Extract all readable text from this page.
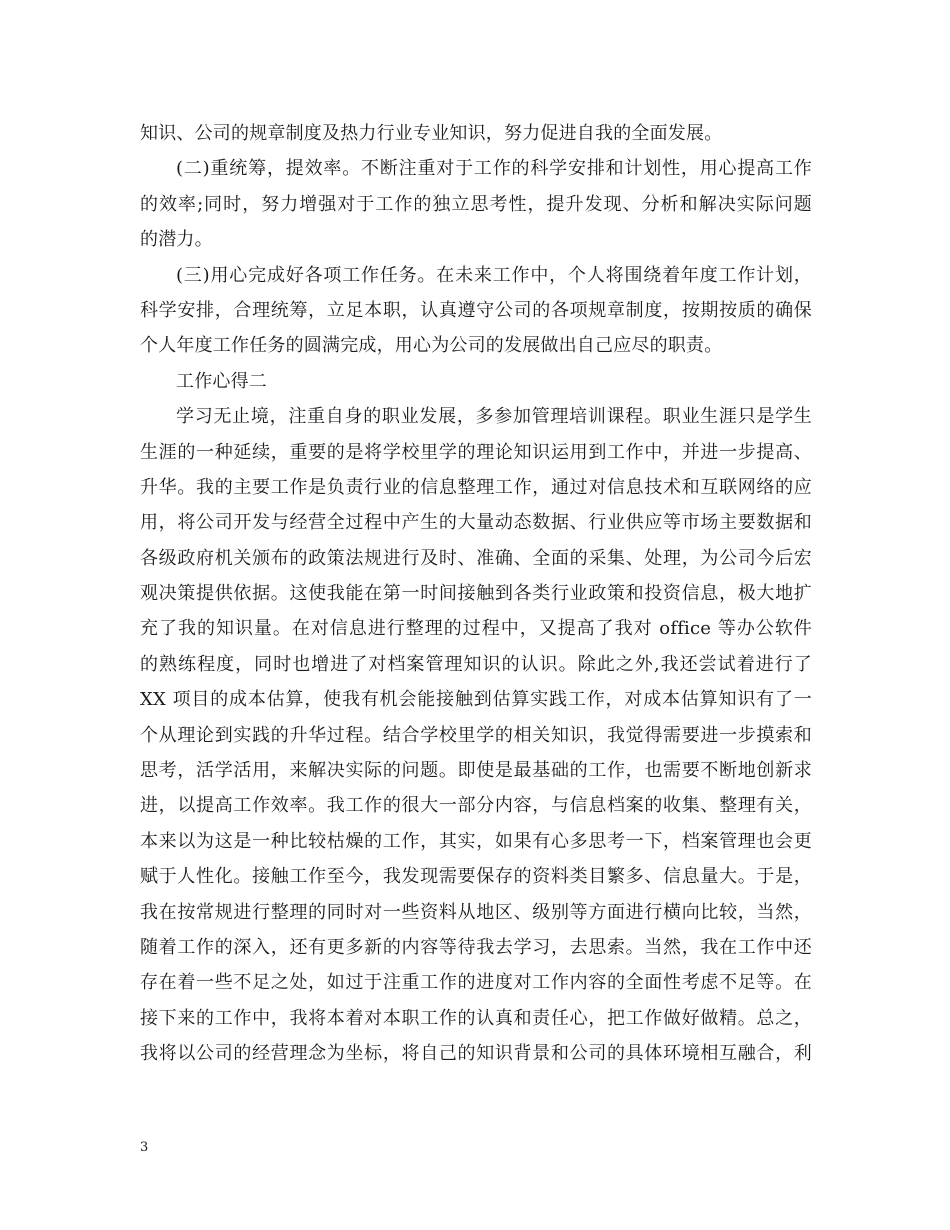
知识、公司的规章制度及热力行业专业知识，努力促进自我的全面发展。
(二)重统筹，提效率。不断注重对于工作的科学安排和计划性，用心提高工作
的效率;同时，努力增强对于工作的独立思考性，提升发现、分析和解决实际问题
的潜力。
(三)用心完成好各项工作任务。在未来工作中，个人将围绕着年度工作计划，
科学安排，合理统筹，立足本职，认真遵守公司的各项规章制度，按期按质的确保
个人年度工作任务的圆满完成，用心为公司的发展做出自己应尽的职责。
工作心得二
学习无止境，注重自身的职业发展，多参加管理培训课程。职业生涯只是学生
生涯的一种延续，重要的是将学校里学的理论知识运用到工作中，并进一步提高、
升华。我的主要工作是负责行业的信息整理工作，通过对信息技术和互联网络的应
用，将公司开发与经营全过程中产生的大量动态数据、行业供应等市场主要数据和
各级政府机关颁布的政策法规进行及时、准确、全面的采集、处理，为公司今后宏
观决策提供依据。这使我能在第一时间接触到各类行业政策和投资信息，极大地扩
充了我的知识量。在对信息进行整理的过程中，又提高了我对 office 等办公软件
的熟练程度，同时也增进了对档案管理知识的认识。除此之外,我还尝试着进行了
XX 项目的成本估算，使我有机会能接触到估算实践工作，对成本估算知识有了一
个从理论到实践的升华过程。结合学校里学的相关知识，我觉得需要进一步摸索和
思考，活学活用，来解决实际的问题。即使是最基础的工作，也需要不断地创新求
进，以提高工作效率。我工作的很大一部分内容，与信息档案的收集、整理有关，
本来以为这是一种比较枯燥的工作，其实，如果有心多思考一下，档案管理也会更
赋于人性化。接触工作至今，我发现需要保存的资料类目繁多、信息量大。于是，
我在按常规进行整理的同时对一些资料从地区、级别等方面进行横向比较，当然，
随着工作的深入，还有更多新的内容等待我去学习，去思索。当然，我在工作中还
存在着一些不足之处，如过于注重工作的进度对工作内容的全面性考虑不足等。在
接下来的工作中，我将本着对本职工作的认真和责任心，把工作做好做精。总之，
我将以公司的经营理念为坐标，将自己的知识背景和公司的具体环境相互融合，利
3
